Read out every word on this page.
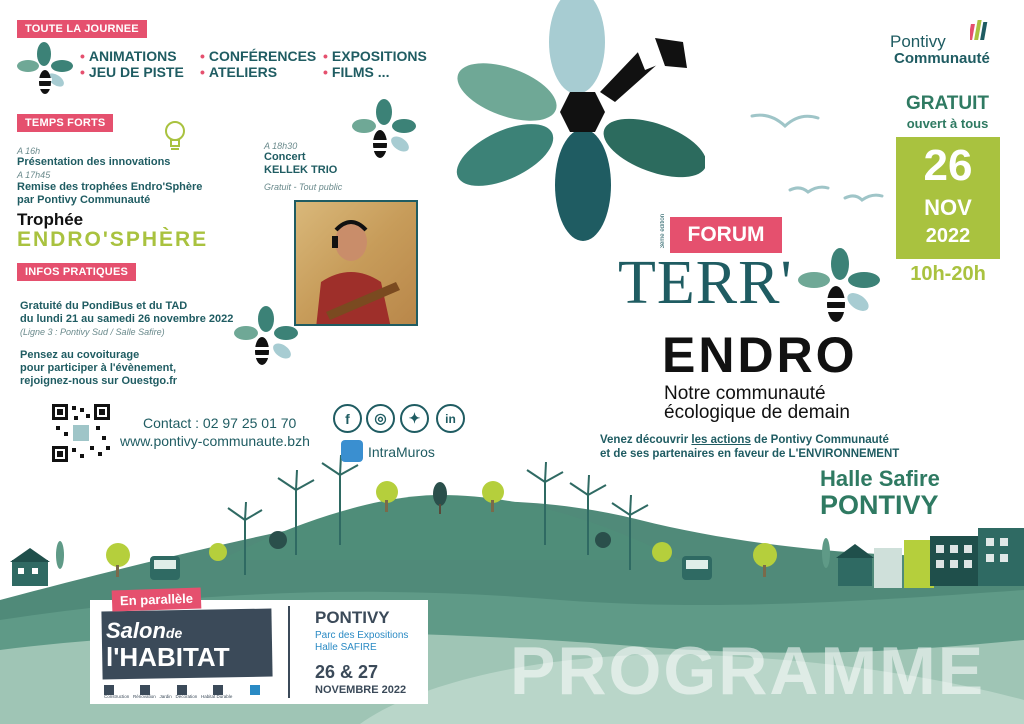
TOUTE LA JOURNEE
• ANIMATIONS
• JEU DE PISTE
• CONFÉRENCES
• ATELIERS
• EXPOSITIONS
• FILMS ...
TEMPS FORTS
A 16h
Présentation des innovations
A 17h45
Remise des trophées Endro'Sphère
par Pontivy Communauté
Trophée
ENDRO'SPHÈRE
A 18h30
Concert
KELLEK TRIO
Gratuit - Tout public
INFOS PRATIQUES
Gratuité du PondiBus et du TAD
du lundi 21 au samedi 26 novembre 2022
(Ligne 3 : Pontivy Sud / Salle Safire)
Pensez au covoiturage
pour participer à l'évènement,
rejoignez-nous sur Ouestgo.fr
Contact : 02 97 25 01 70
www.pontivy-communaute.bzh
f	◎	✦	in
IntraMuros
Pontivy
Communauté
GRATUIT
ouvert à tous
26
NOV
2022
10h-20h
3ème édition	FORUM
TERR'
ENDRO
Notre communauté
écologique de demain
Venez découvrir les actions de Pontivy Communauté
et de ses partenaires en faveur de L'ENVIRONNEMENT
Halle Safire
PONTIVY
Salonde
l'HABITAT

Construction   Rénovation   Jardin   Décoration   Habitat Durable
PONTIVY
Parc des Expositions
Halle SAFIRE
26 & 27
NOVEMBRE 2022
En parallèle
PROGRAMME
